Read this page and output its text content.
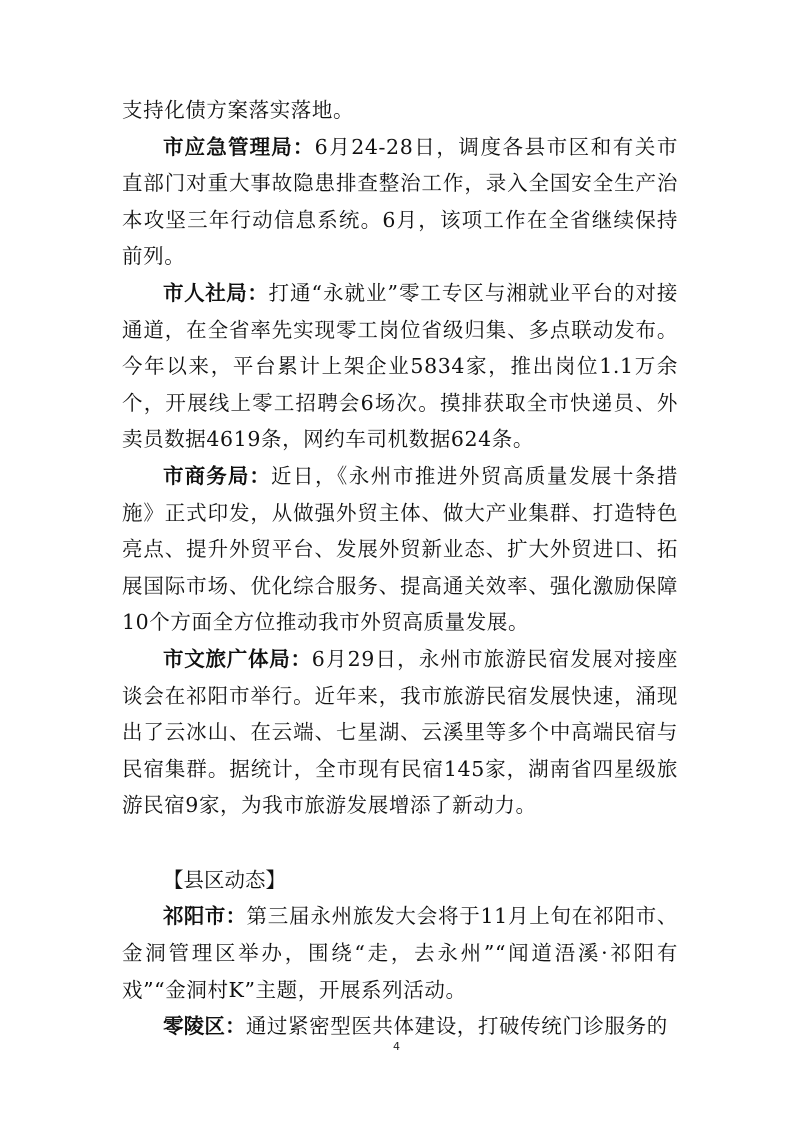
支持化债方案落实落地。

市应急管理局：6月24-28日，调度各县市区和有关市直部门对重大事故隐患排查整治工作，录入全国安全生产治本攻坚三年行动信息系统。6月，该项工作在全省继续保持前列。

市人社局：打通“永就业”零工专区与湘就业平台的对接通道，在全省率先实现零工岗位省级归集、多点联动发布。今年以来，平台累计上架企业5834家，推出岗位1.1万余个，开展线上零工招聘会6场次。摸排获取全市快递员、外卖员数据4619条，网约车司机数据624条。

市商务局：近日，《永州市推进外贸高质量发展十条措施》正式印发，从做强外贸主体、做大产业集群、打造特色亮点、提升外贸平台、发展外贸新业态、扩大外贸进口、拓展国际市场、优化综合服务、提高通关效率、强化激励保障10个方面全方位推动我市外贸高质量发展。

市文旅广体局：6月29日，永州市旅游民宿发展对接座谈会在祁阳市举行。近年来，我市旅游民宿发展快速，涌现出了云冰山、在云端、七星湖、云溪里等多个中高端民宿与民宿集群。据统计，全市现有民宿145家，湖南省四星级旅游民宿9家，为我市旅游发展增添了新动力。

【县区动态】

祁阳市：第三届永州旅发大会将于11月上旬在祁阳市、金洞管理区举办，围绕“走，去永州”“闻道浯溪·祁阳有戏”“金洞村K”主题，开展系列活动。

零陵区：通过紧密型医共体建设，打破传统门诊服务的

4
